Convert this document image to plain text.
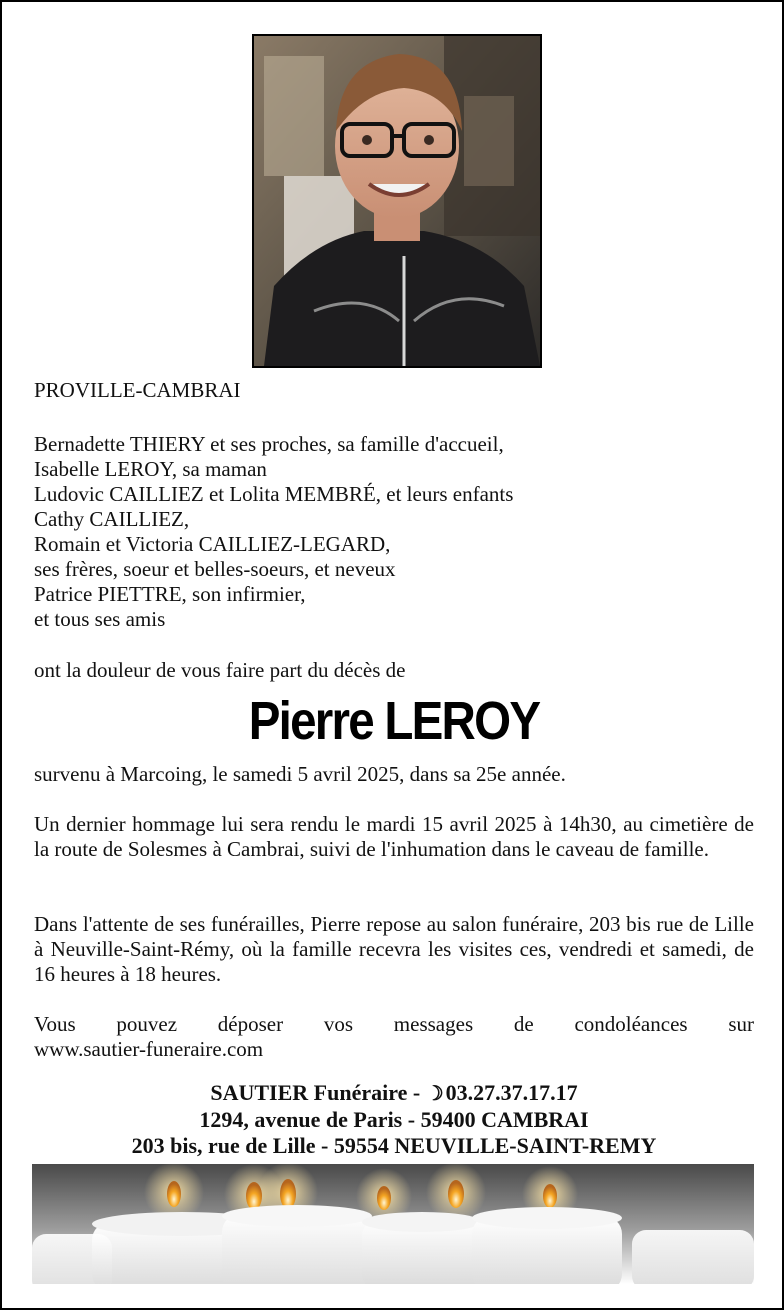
PROVILLE-CAMBRAI
Bernadette THIERY et ses proches, sa famille d'accueil,
Isabelle LEROY, sa maman
Ludovic CAILLIEZ et Lolita MEMBRÉ, et leurs enfants
Cathy CAILLIEZ,
Romain et Victoria CAILLIEZ-LEGARD,
ses frères, soeur et belles-soeurs, et neveux
Patrice PIETTRE, son infirmier,
et tous ses amis
ont la douleur de vous faire part du décès de
Pierre LEROY
survenu à Marcoing, le samedi 5 avril 2025, dans sa 25e année.
Un dernier hommage lui sera rendu le mardi 15 avril 2025 à 14h30, au cimetière de la route de Solesmes à Cambrai, suivi de l'inhumation dans le caveau de famille.
Dans l'attente de ses funérailles, Pierre repose au salon funéraire, 203 bis rue de Lille à Neuville-Saint-Rémy, où la famille recevra les visites ces, vendredi et samedi, de 16 heures à 18 heures.
Vous pouvez déposer vos messages de condoléances sur
www.sautier-funeraire.com
SAUTIER Funéraire - ☽03.27.37.17.17
1294, avenue de Paris - 59400 CAMBRAI
203 bis, rue de Lille - 59554 NEUVILLE-SAINT-REMY
